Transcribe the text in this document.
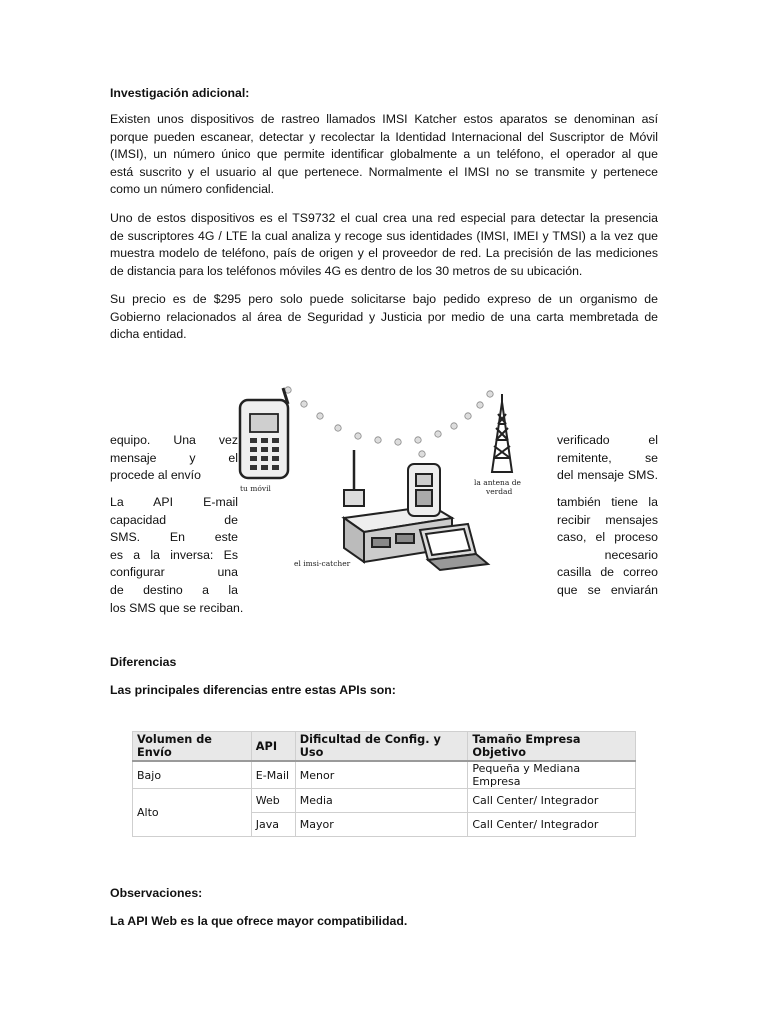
Investigación adicional:
Existen unos dispositivos de rastreo llamados IMSI Katcher estos aparatos se denominan así
porque pueden escanear, detectar y recolectar la Identidad Internacional del Suscriptor de Móvil
(IMSI), un número único que permite identificar globalmente a un teléfono, el operador al que
está suscrito y el usuario al que pertenece. Normalmente el IMSI no se transmite y pertenece
como un número confidencial.
Uno de estos dispositivos es el TS9732 el cual crea una red especial para detectar la presencia
de suscriptores 4G / LTE la cual analiza y recoge sus identidades (IMSI, IMEI y TMSI) a la vez que
muestra modelo de teléfono, país de origen y el proveedor de red. La precisión de las mediciones
de distancia para los teléfonos móviles 4G es dentro de los 30 metros de su ubicación.
Su precio es de $295 pero solo puede solicitarse bajo pedido expreso de un organismo de
Gobierno relacionados al área de Seguridad y Justicia por medio de una carta membretada de
dicha entidad.
equipo. Una vez
mensaje y el
procede al envío
verificado el
remitente, se
del mensaje SMS.
La API E-mail
capacidad de
SMS. En este
es a la inversa: Es
configurar una
de destino a la
los SMS que se reciban.
también tiene la
recibir mensajes
caso, el proceso
necesario
casilla de correo
que se enviarán
tu móvil
la antena de
verdad
el imsi-catcher
Diferencias
Las principales diferencias entre estas APIs son:
Volumen de Envío	API	Dificultad de Config. y Uso	Tamaño Empresa Objetivo
Bajo	E-Mail	Menor	Pequeña y Mediana Empresa
Alto	Web	Media	Call Center/ Integrador
	Java	Mayor	Call Center/ Integrador
Observaciones:
La API Web es la que ofrece mayor compatibilidad.
